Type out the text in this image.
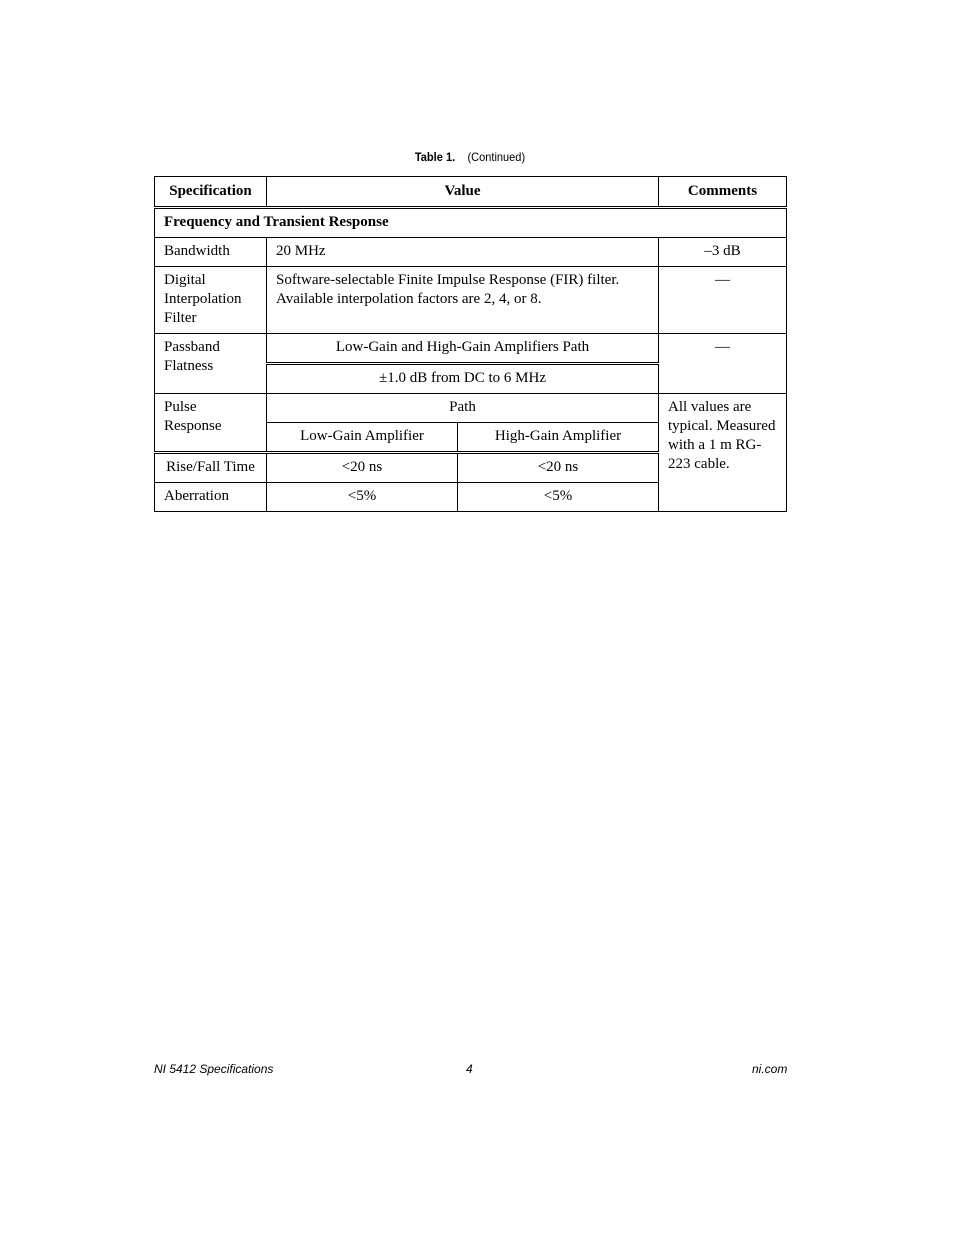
Table 1. (Continued)
Specification	Value		Comments
Frequency and Transient Response			
Bandwidth	20 MHz		–3 dB
Digital Interpolation Filter	Software-selectable Finite Impulse Response (FIR) filter. Available interpolation factors are 2, 4, or 8.		—
Passband Flatness	Low-Gain and High-Gain Amplifiers Path		—
	±1.0 dB from DC to 6 MHz		
Pulse Response	Path		All values are typical. Measured with a 1 m RG-223 cable.
	Low-Gain Amplifier	High-Gain Amplifier	
Rise/Fall Time	<20 ns	<20 ns	
Aberration	<5%	<5%	
NI 5412 Specifications	4	ni.com
